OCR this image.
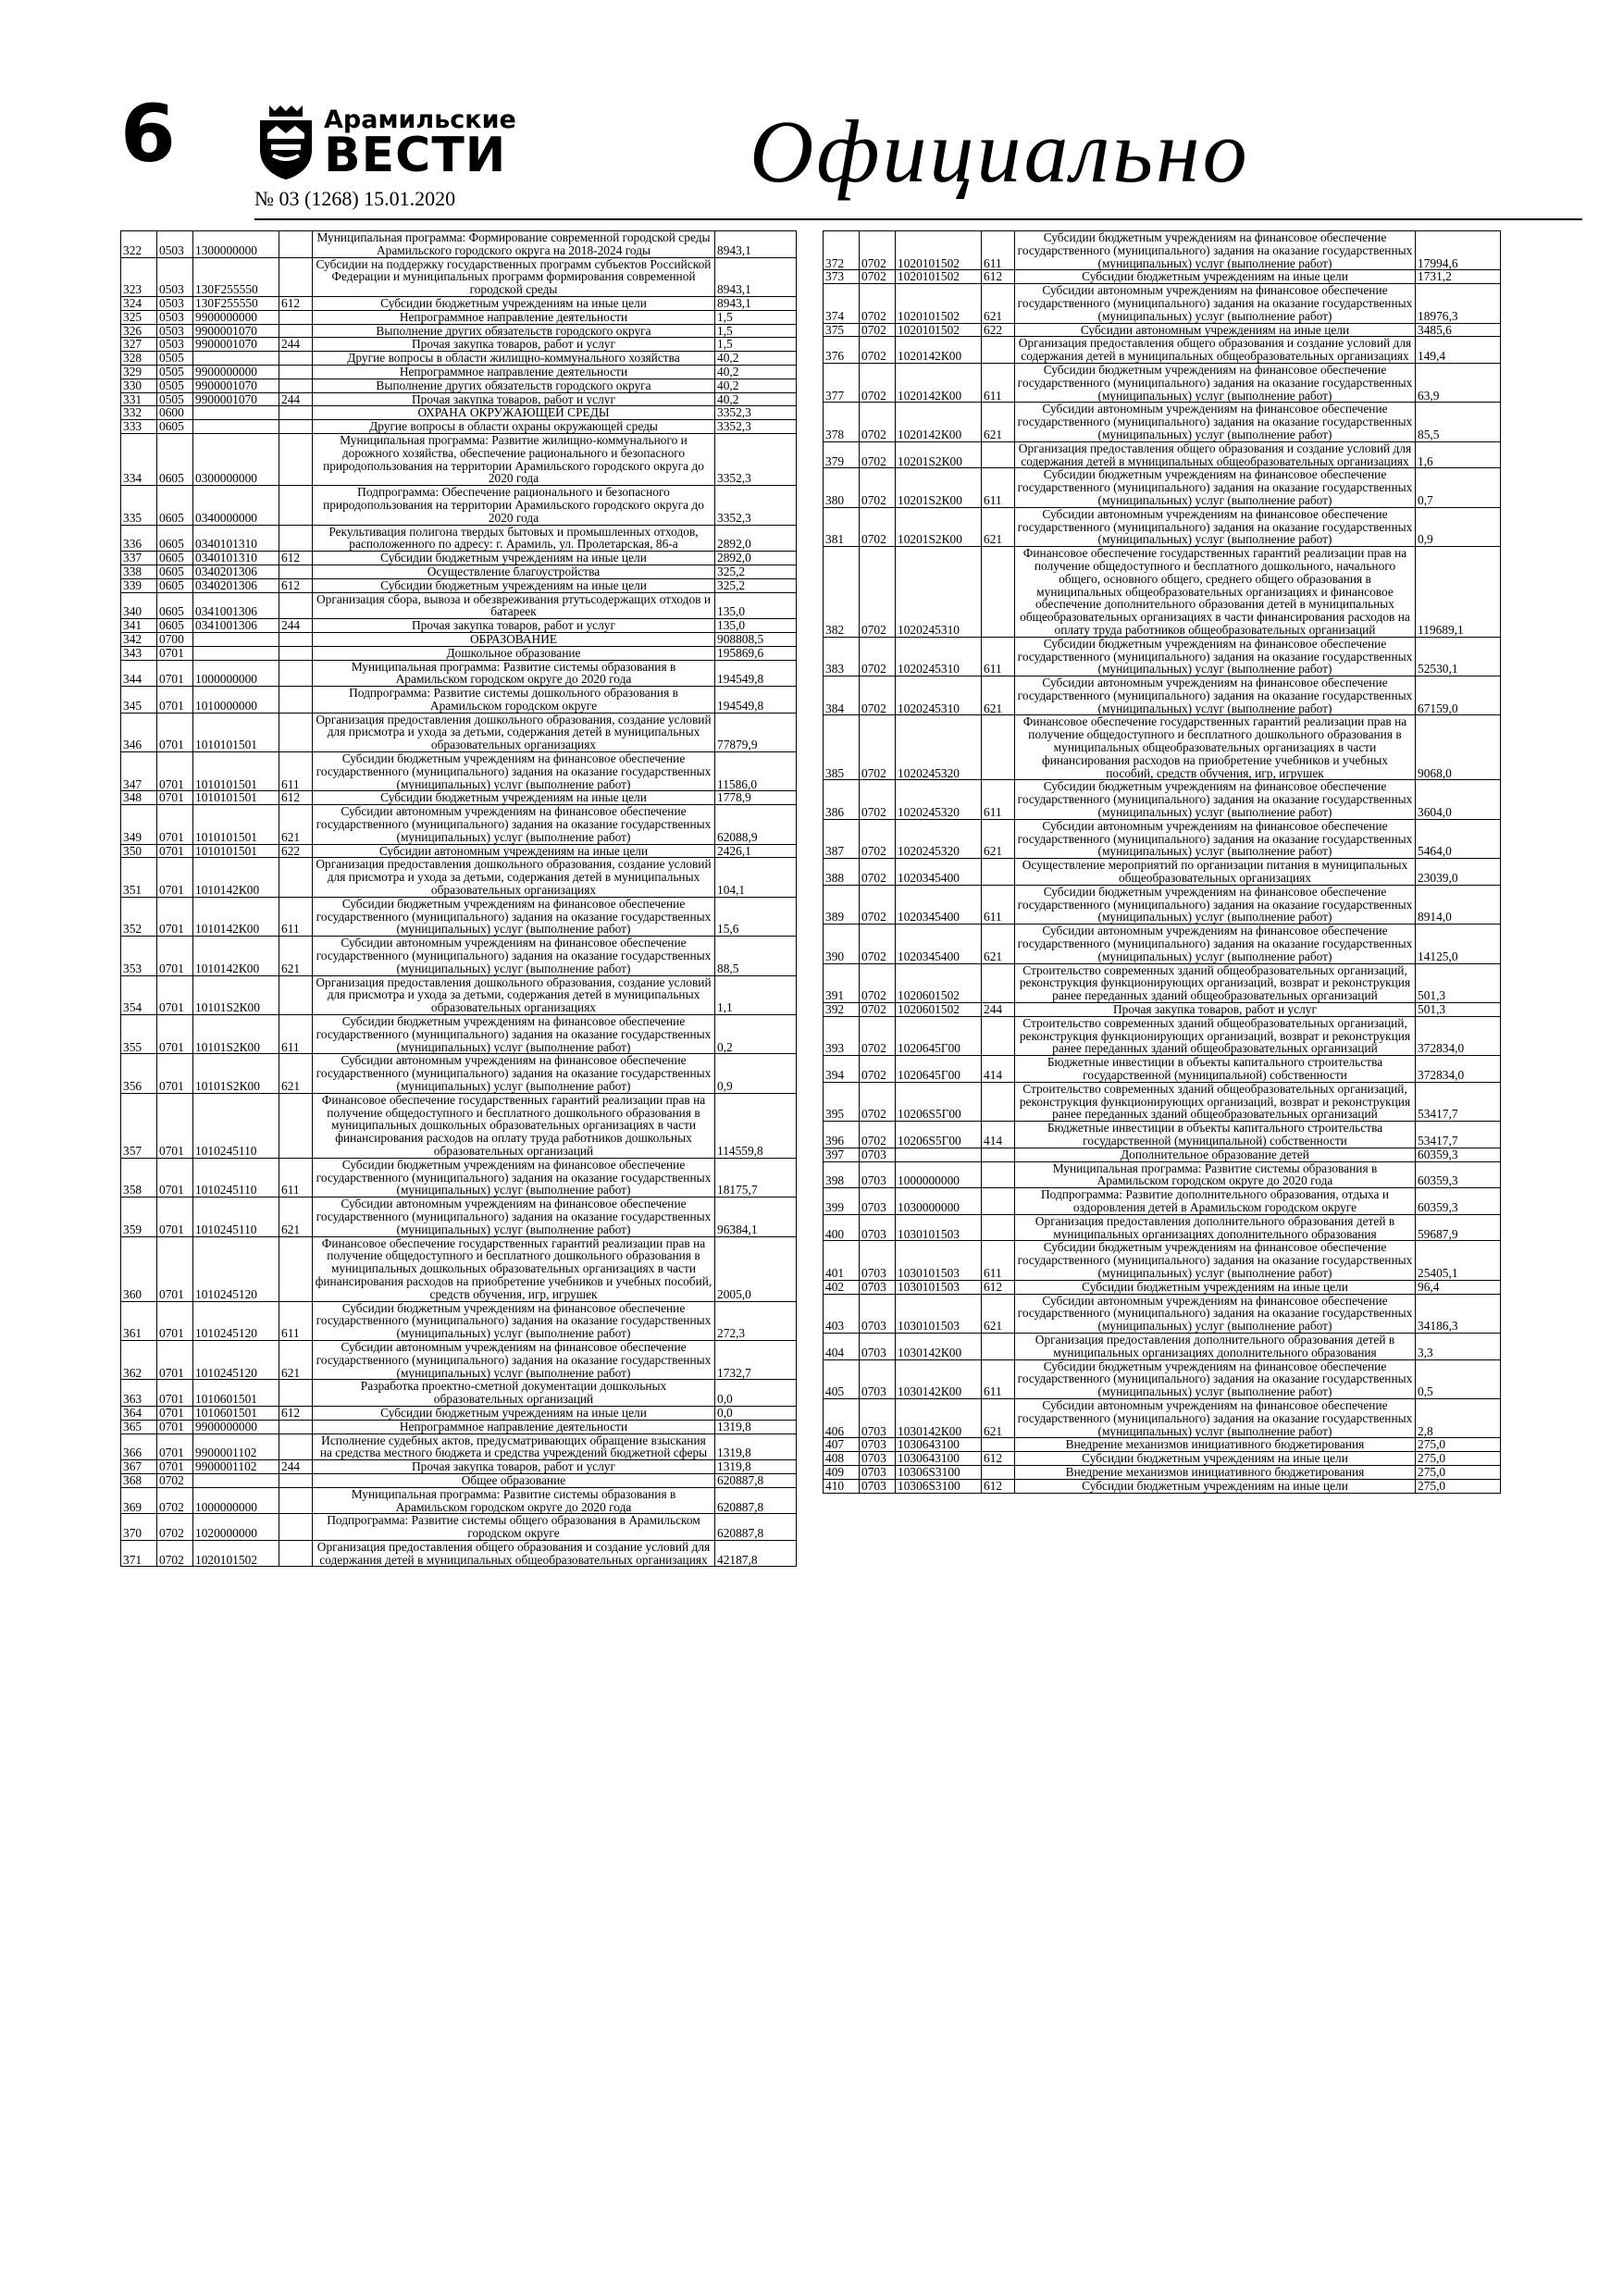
6	Арамильские
ВЕСТИ
№ 03 (1268) 15.01.2020	Официально
322	0503	1300000000		Муниципальная программа: Формирование современной городской среды Арамильского городского округа на 2018-2024 годы	8943,1
323	0503	130F255550		Субсидии на поддержку государственных программ субъектов Российской Федерации и муниципальных программ формирования современной городской среды	8943,1
324	0503	130F255550	612	Субсидии бюджетным учреждениям на иные цели	8943,1
325	0503	9900000000		Непрограммное направление деятельности	1,5
326	0503	9900001070		Выполнение других обязательств городского округа	1,5
327	0503	9900001070	244	Прочая закупка товаров, работ и услуг	1,5
328	0505			Другие вопросы в области жилищно-коммунального хозяйства	40,2
329	0505	9900000000		Непрограммное направление деятельности	40,2
330	0505	9900001070		Выполнение других обязательств городского округа	40,2
331	0505	9900001070	244	Прочая закупка товаров, работ и услуг	40,2
332	0600			ОХРАНА ОКРУЖАЮЩЕЙ СРЕДЫ	3352,3
333	0605			Другие вопросы в области охраны окружающей среды	3352,3
334	0605	0300000000		Муниципальная программа: Развитие жилищно-коммунального и дорожного хозяйства, обеспечение рационального и безопасного природопользования на территории Арамильского городского округа до 2020 года	3352,3
335	0605	0340000000		Подпрограмма: Обеспечение рационального и безопасного природопользования на территории Арамильского городского округа до 2020 года	3352,3
336	0605	0340101310		Рекультивация полигона твердых бытовых и промышленных отходов, расположенного по адресу: г. Арамиль, ул. Пролетарская, 86-а	2892,0
337	0605	0340101310	612	Субсидии бюджетным учреждениям на иные цели	2892,0
338	0605	0340201306		Осуществление благоустройства	325,2
339	0605	0340201306	612	Субсидии бюджетным учреждениям на иные цели	325,2
340	0605	0341001306		Организация сбора, вывоза и обезвреживания ртутьсодержащих отходов и батареек	135,0
341	0605	0341001306	244	Прочая закупка товаров, работ и услуг	135,0
342	0700			ОБРАЗОВАНИЕ	908808,5
343	0701			Дошкольное образование	195869,6
344	0701	1000000000		Муниципальная программа: Развитие системы образования в Арамильском городском округе до 2020 года	194549,8
345	0701	1010000000		Подпрограмма: Развитие системы дошкольного образования в Арамильском городском округе	194549,8
346	0701	1010101501		Организация предоставления дошкольного образования, создание условий для присмотра и ухода за детьми, содержания детей в муниципальных образовательных организациях	77879,9
347	0701	1010101501	611	Субсидии бюджетным учреждениям на финансовое обеспечение государственного (муниципального) задания на оказание государственных (муниципальных) услуг (выполнение работ)	11586,0
348	0701	1010101501	612	Субсидии бюджетным учреждениям на иные цели	1778,9
349	0701	1010101501	621	Субсидии автономным учреждениям на финансовое обеспечение государственного (муниципального) задания на оказание государственных (муниципальных) услуг (выполнение работ)	62088,9
350	0701	1010101501	622	Субсидии автономным учреждениям на иные цели	2426,1
351	0701	1010142К00		Организация предоставления дошкольного образования, создание условий для присмотра и ухода за детьми, содержания детей в муниципальных образовательных организациях	104,1
352	0701	1010142К00	611	Субсидии бюджетным учреждениям на финансовое обеспечение государственного (муниципального) задания на оказание государственных (муниципальных) услуг (выполнение работ)	15,6
353	0701	1010142К00	621	Субсидии автономным учреждениям на финансовое обеспечение государственного (муниципального) задания на оказание государственных (муниципальных) услуг (выполнение работ)	88,5
354	0701	10101S2К00		Организация предоставления дошкольного образования, создание условий для присмотра и ухода за детьми, содержания детей в муниципальных образовательных организациях	1,1
355	0701	10101S2К00	611	Субсидии бюджетным учреждениям на финансовое обеспечение государственного (муниципального) задания на оказание государственных (муниципальных) услуг (выполнение работ)	0,2
356	0701	10101S2К00	621	Субсидии автономным учреждениям на финансовое обеспечение государственного (муниципального) задания на оказание государственных (муниципальных) услуг (выполнение работ)	0,9
357	0701	1010245110		Финансовое обеспечение государственных гарантий реализации прав на получение общедоступного и бесплатного дошкольного образования в муниципальных дошкольных образовательных организациях в части финансирования расходов на оплату труда работников дошкольных образовательных организаций	114559,8
358	0701	1010245110	611	Субсидии бюджетным учреждениям на финансовое обеспечение государственного (муниципального) задания на оказание государственных (муниципальных) услуг (выполнение работ)	18175,7
359	0701	1010245110	621	Субсидии автономным учреждениям на финансовое обеспечение государственного (муниципального) задания на оказание государственных (муниципальных) услуг (выполнение работ)	96384,1
360	0701	1010245120		Финансовое обеспечение государственных гарантий реализации прав на получение общедоступного и бесплатного дошкольного образования в муниципальных дошкольных образовательных организациях в части финансирования расходов на приобретение учебников и учебных пособий, средств обучения, игр, игрушек	2005,0
361	0701	1010245120	611	Субсидии бюджетным учреждениям на финансовое обеспечение государственного (муниципального) задания на оказание государственных (муниципальных) услуг (выполнение работ)	272,3
362	0701	1010245120	621	Субсидии автономным учреждениям на финансовое обеспечение государственного (муниципального) задания на оказание государственных (муниципальных) услуг (выполнение работ)	1732,7
363	0701	1010601501		Разработка проектно-сметной документации дошкольных образовательных организаций	0,0
364	0701	1010601501	612	Субсидии бюджетным учреждениям на иные цели	0,0
365	0701	9900000000		Непрограммное направление деятельности	1319,8
366	0701	9900001102		Исполнение судебных актов, предусматривающих обращение взыскания на средства местного бюджета и средства учреждений бюджетной сферы	1319,8
367	0701	9900001102	244	Прочая закупка товаров, работ и услуг	1319,8
368	0702			Общее образование	620887,8
369	0702	1000000000		Муниципальная программа: Развитие системы образования в Арамильском городском округе до 2020 года	620887,8
370	0702	1020000000		Подпрограмма: Развитие системы общего образования в Арамильском городском округе	620887,8
371	0702	1020101502		Организация предоставления общего образования и создание условий для содержания детей в муниципальных общеобразовательных организациях	42187,8
372	0702	1020101502	611	Субсидии бюджетным учреждениям на финансовое обеспечение государственного (муниципального) задания на оказание государственных (муниципальных) услуг (выполнение работ)	17994,6
373	0702	1020101502	612	Субсидии бюджетным учреждениям на иные цели	1731,2
374	0702	1020101502	621	Субсидии автономным учреждениям на финансовое обеспечение государственного (муниципального) задания на оказание государственных (муниципальных) услуг (выполнение работ)	18976,3
375	0702	1020101502	622	Субсидии автономным учреждениям на иные цели	3485,6
376	0702	1020142К00		Организация предоставления общего образования и создание условий для содержания детей в муниципальных общеобразовательных организациях	149,4
377	0702	1020142К00	611	Субсидии бюджетным учреждениям на финансовое обеспечение государственного (муниципального) задания на оказание государственных (муниципальных) услуг (выполнение работ)	63,9
378	0702	1020142К00	621	Субсидии автономным учреждениям на финансовое обеспечение государственного (муниципального) задания на оказание государственных (муниципальных) услуг (выполнение работ)	85,5
379	0702	10201S2К00		Организация предоставления общего образования и создание условий для содержания детей в муниципальных общеобразовательных организациях	1,6
380	0702	10201S2К00	611	Субсидии бюджетным учреждениям на финансовое обеспечение государственного (муниципального) задания на оказание государственных (муниципальных) услуг (выполнение работ)	0,7
381	0702	10201S2К00	621	Субсидии автономным учреждениям на финансовое обеспечение государственного (муниципального) задания на оказание государственных (муниципальных) услуг (выполнение работ)	0,9
382	0702	1020245310		Финансовое обеспечение государственных гарантий реализации прав на получение общедоступного и бесплатного дошкольного, начального общего, основного общего, среднего общего образования в муниципальных общеобразовательных организациях и финансовое обеспечение дополнительного образования детей в муниципальных общеобразовательных организациях в части финансирования расходов на оплату труда работников общеобразовательных организаций	119689,1
383	0702	1020245310	611	Субсидии бюджетным учреждениям на финансовое обеспечение государственного (муниципального) задания на оказание государственных (муниципальных) услуг (выполнение работ)	52530,1
384	0702	1020245310	621	Субсидии автономным учреждениям на финансовое обеспечение государственного (муниципального) задания на оказание государственных (муниципальных) услуг (выполнение работ)	67159,0
385	0702	1020245320		Финансовое обеспечение государственных гарантий реализации прав на получение общедоступного и бесплатного дошкольного образования в муниципальных общеобразовательных организациях в части финансирования расходов на приобретение учебников и учебных пособий, средств обучения, игр, игрушек	9068,0
386	0702	1020245320	611	Субсидии бюджетным учреждениям на финансовое обеспечение государственного (муниципального) задания на оказание государственных (муниципальных) услуг (выполнение работ)	3604,0
387	0702	1020245320	621	Субсидии автономным учреждениям на финансовое обеспечение государственного (муниципального) задания на оказание государственных (муниципальных) услуг (выполнение работ)	5464,0
388	0702	1020345400		Осуществление мероприятий по организации питания в муниципальных общеобразовательных организациях	23039,0
389	0702	1020345400	611	Субсидии бюджетным учреждениям на финансовое обеспечение государственного (муниципального) задания на оказание государственных (муниципальных) услуг (выполнение работ)	8914,0
390	0702	1020345400	621	Субсидии автономным учреждениям на финансовое обеспечение государственного (муниципального) задания на оказание государственных (муниципальных) услуг (выполнение работ)	14125,0
391	0702	1020601502		Строительство современных зданий общеобразовательных организаций, реконструкция функционирующих организаций, возврат и реконструкция ранее переданных зданий общеобразовательных организаций	501,3
392	0702	1020601502	244	Прочая закупка товаров, работ и услуг	501,3
393	0702	1020645Г00		Строительство современных зданий общеобразовательных организаций, реконструкция функционирующих организаций, возврат и реконструкция ранее переданных зданий общеобразовательных организаций	372834,0
394	0702	1020645Г00	414	Бюджетные инвестиции в объекты капитального строительства государственной (муниципальной) собственности	372834,0
395	0702	10206S5Г00		Строительство современных зданий общеобразовательных организаций, реконструкция функционирующих организаций, возврат и реконструкция ранее переданных зданий общеобразовательных организаций	53417,7
396	0702	10206S5Г00	414	Бюджетные инвестиции в объекты капитального строительства государственной (муниципальной) собственности	53417,7
397	0703			Дополнительное образование детей	60359,3
398	0703	1000000000		Муниципальная программа: Развитие системы образования в Арамильском городском округе до 2020 года	60359,3
399	0703	1030000000		Подпрограмма: Развитие дополнительного образования, отдыха и оздоровления детей в Арамильском городском округе	60359,3
400	0703	1030101503		Организация предоставления дополнительного образования детей в муниципальных организациях дополнительного образования	59687,9
401	0703	1030101503	611	Субсидии бюджетным учреждениям на финансовое обеспечение государственного (муниципального) задания на оказание государственных (муниципальных) услуг (выполнение работ)	25405,1
402	0703	1030101503	612	Субсидии бюджетным учреждениям на иные цели	96,4
403	0703	1030101503	621	Субсидии автономным учреждениям на финансовое обеспечение государственного (муниципального) задания на оказание государственных (муниципальных) услуг (выполнение работ)	34186,3
404	0703	1030142К00		Организация предоставления дополнительного образования детей в муниципальных организациях дополнительного образования	3,3
405	0703	1030142К00	611	Субсидии бюджетным учреждениям на финансовое обеспечение государственного (муниципального) задания на оказание государственных (муниципальных) услуг (выполнение работ)	0,5
406	0703	1030142К00	621	Субсидии автономным учреждениям на финансовое обеспечение государственного (муниципального) задания на оказание государственных (муниципальных) услуг (выполнение работ)	2,8
407	0703	1030643100		Внедрение механизмов инициативного бюджетирования	275,0
408	0703	1030643100	612	Субсидии бюджетным учреждениям на иные цели	275,0
409	0703	10306S3100		Внедрение механизмов инициативного бюджетирования	275,0
410	0703	10306S3100	612	Субсидии бюджетным учреждениям на иные цели	275,0
